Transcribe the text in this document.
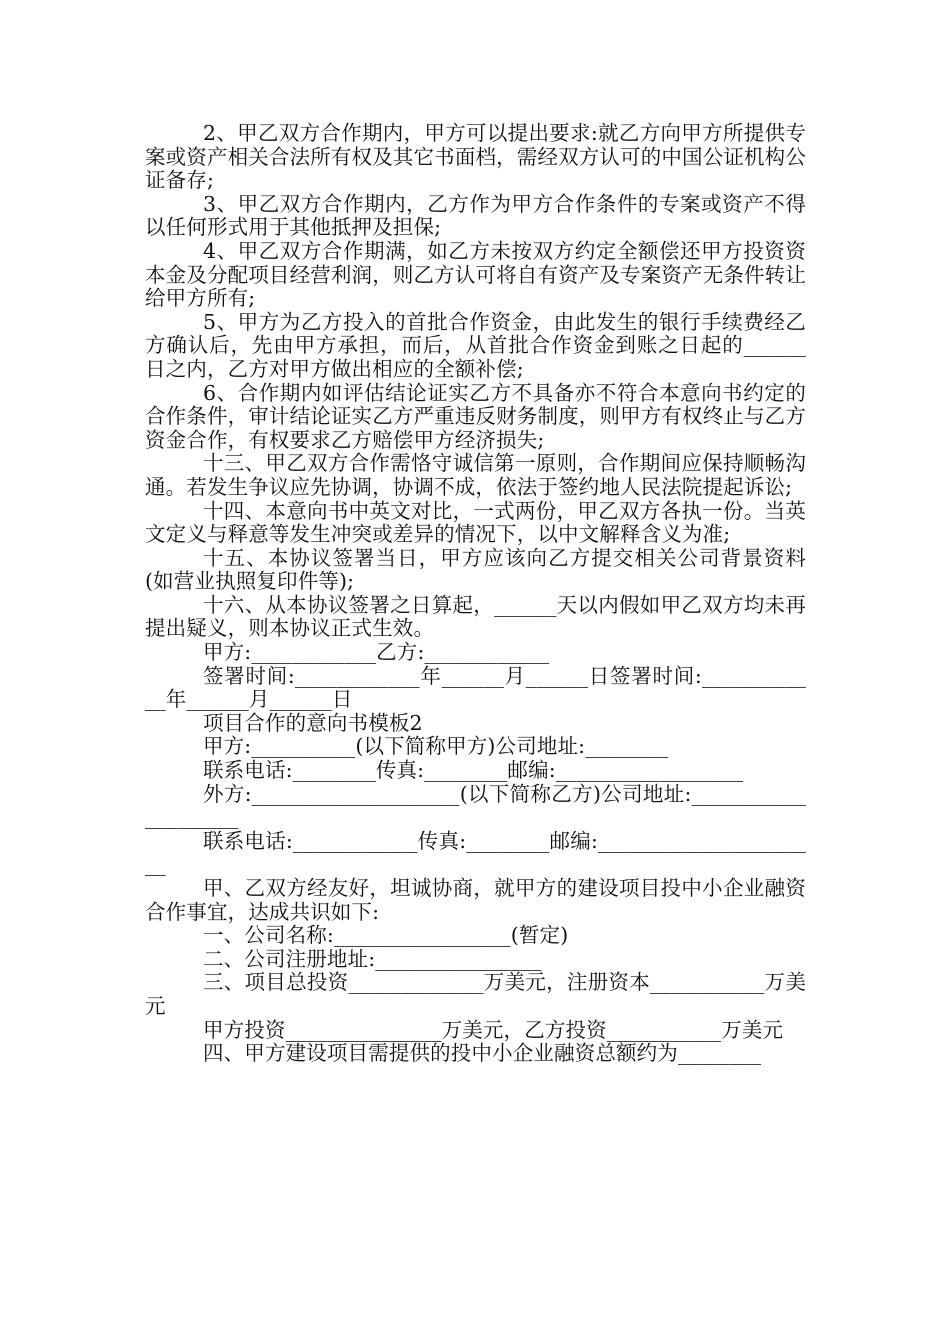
2、甲乙双方合作期内，甲方可以提出要求:就乙方向甲方所提供专案或资产相关合法所有权及其它书面档，需经双方认可的中国公证机构公证备存;

3、甲乙双方合作期内，乙方作为甲方合作条件的专案或资产不得以任何形式用于其他抵押及担保;

4、甲乙双方合作期满，如乙方未按双方约定全额偿还甲方投资资本金及分配项目经营利润，则乙方认可将自有资产及专案资产无条件转让给甲方所有;

5、甲方为乙方投入的首批合作资金，由此发生的银行手续费经乙方确认后，先由甲方承担，而后，从首批合作资金到账之日起的______日之内，乙方对甲方做出相应的全额补偿;

6、合作期内如评估结论证实乙方不具备亦不符合本意向书约定的合作条件，审计结论证实乙方严重违反财务制度，则甲方有权终止与乙方资金合作，有权要求乙方赔偿甲方经济损失;

十三、甲乙双方合作需恪守诚信第一原则，合作期间应保持顺畅沟通。若发生争议应先协调，协调不成，依法于签约地人民法院提起诉讼;

十四、本意向书中英文对比，一式两份，甲乙双方各执一份。当英文定义与释意等发生冲突或差异的情况下，以中文解释含义为准;

十五、本协议签署当日，甲方应该向乙方提交相关公司背景资料(如营业执照复印件等);

十六、从本协议签署之日算起，______天以内假如甲乙双方均未再提出疑义，则本协议正式生效。

甲方:____________乙方:____________

签署时间:____________年______月______日签署时间:____________年______月______日

项目合作的意向书模板2

甲方:__________(以下简称甲方)公司地址:________

联系电话:________传真:________邮编:__________________

外方:____________________(以下简称乙方)公司地址:____________________

联系电话:____________传真:________邮编:______________________

甲、乙双方经友好，坦诚协商，就甲方的建设项目投中小企业融资合作事宜，达成共识如下:

一、公司名称:_________________(暂定)

二、公司注册地址:________________

三、项目总投资_____________万美元，注册资本___________万美元

甲方投资_______________万美元，乙方投资___________万美元

四、甲方建设项目需提供的投中小企业融资总额约为________
